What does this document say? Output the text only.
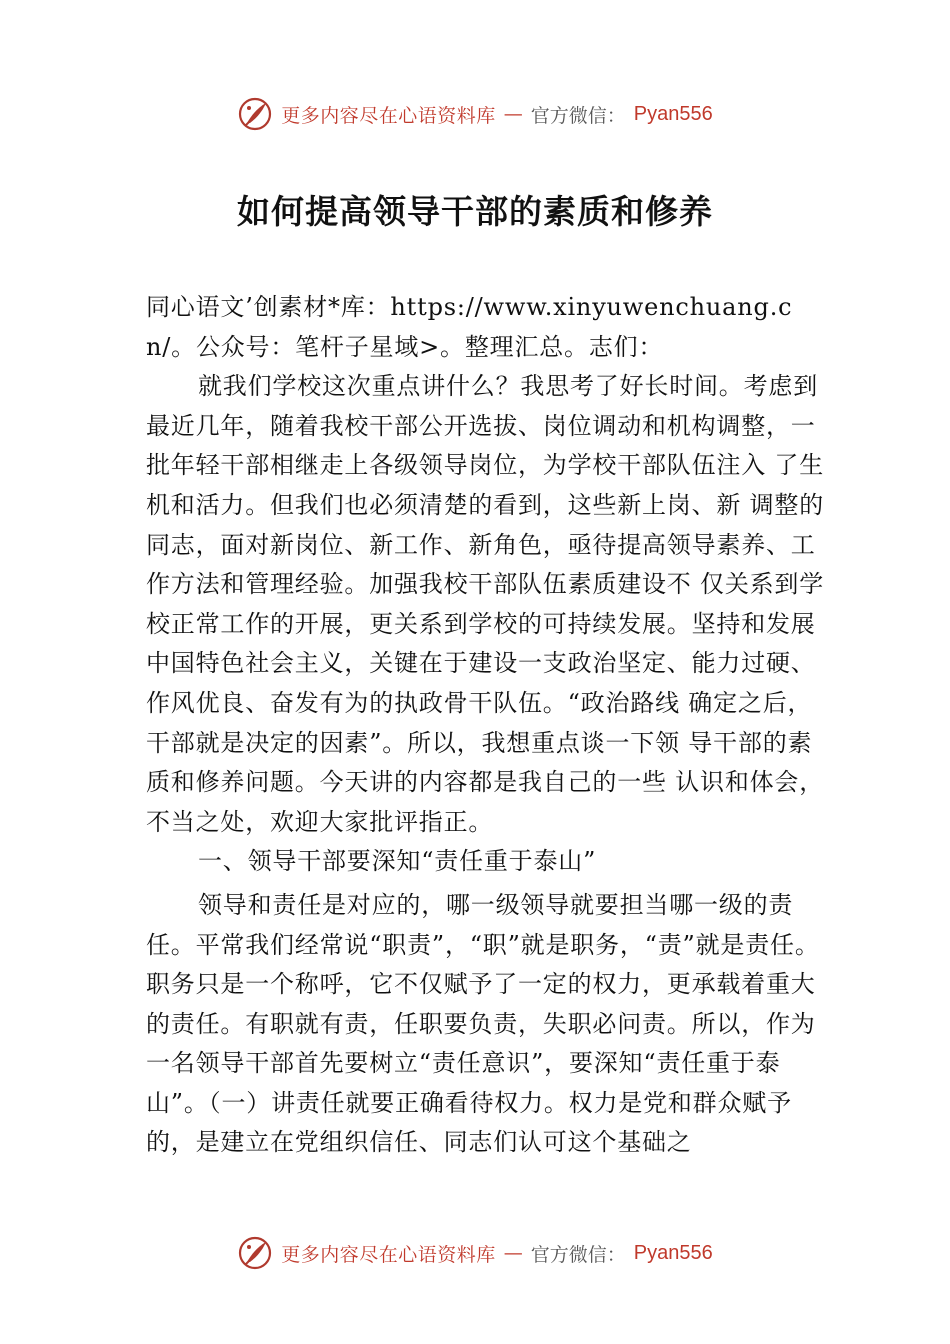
更多内容尽在心语资料库 — 官方微信： Pyan556
如何提高领导干部的素质和修养

同心语文’创素材*库：https://www.xinyuwenchuang.cn/。公众号：笔杆子星域>。整理汇总。志们：

就我们学校这次重点讲什么？我思考了好长时间。考虑到最近几年，随着我校干部公开选拔、岗位调动和机构调整，一批年轻干部相继走上各级领导岗位，为学校干部队伍注入 了生机和活力。但我们也必须清楚的看到，这些新上岗、新 调整的同志，面对新岗位、新工作、新角色，亟待提高领导素养、工作方法和管理经验。加强我校干部队伍素质建设不 仅关系到学校正常工作的开展，更关系到学校的可持续发展。坚持和发展中国特色社会主义，关键在于建设一支政治坚定、能力过硬、作风优良、奋发有为的执政骨干队伍。“政治路线 确定之后，干部就是决定的因素”。所以，我想重点谈一下领 导干部的素质和修养问题。今天讲的内容都是我自己的一些 认识和体会，不当之处，欢迎大家批评指正。

一、领导干部要深知“责任重于泰山”

领导和责任是对应的，哪一级领导就要担当哪一级的责任。平常我们经常说“职责”，“职”就是职务，“责”就是责任。职务只是一个称呼，它不仅赋予了一定的权力，更承载着重大的责任。有职就有责，任职要负责，失职必问责。所以，作为一名领导干部首先要树立“责任意识”，要深知“责任重于泰山”。（一）讲责任就要正确看待权力。权力是党和群众赋予的，是建立在党组织信任、同志们认可这个基础之

更多内容尽在心语资料库 — 官方微信： Pyan556
